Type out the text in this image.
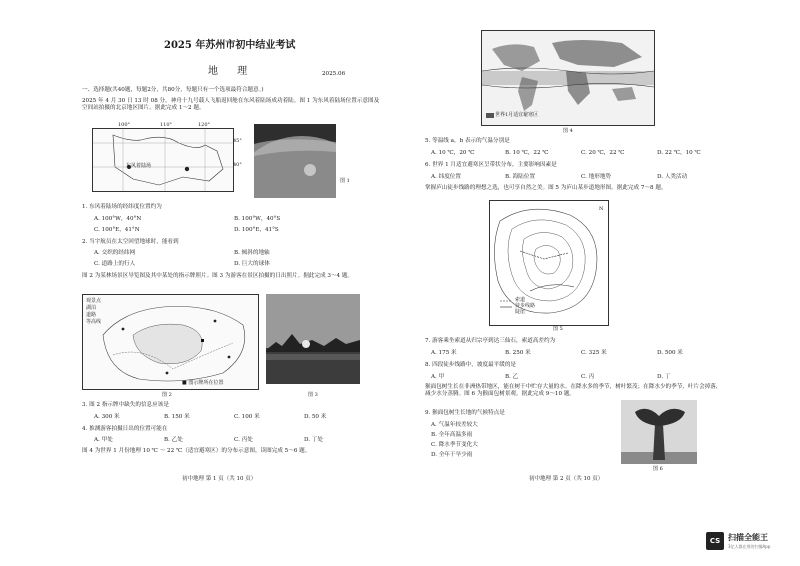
2025 年苏州市初中结业考试
地 理	2025.06
一、选择题(共40题，每题2分，共80分，每题只有一个选项最符合题意。)
2025 年 4 月 30 日 13 时 08 分，神舟十九号载人飞船返回舱在东风着陆场成功着陆。图 1 为东风着陆场位置示意图及空间站拍摄的北京地区图片。据此完成 1～2 题。
100°	110°	120°
45°
40°
东风着陆场
图 1
1. 东风着陆场的经纬度位置约为
A. 100°W，40°N	B. 100°W，40°S
C. 100°E，41°N	D. 100°E，41°S
2. 当宇航员在太空回望地球时，能看到
A. 交织的经纬网	B. 倾斜的地轴
C. 道路上的行人	D. 巨大的球体
图 2 为某林场景区导览图及其中某处的指示牌照片。图 3 为游客在景区拍摄的日出照片。据此完成 3～4 题。
观景点
湖泊
道路
等高线
■ 图示牌所在位置
图 2	图 3
3. 图 2 指示牌中缺失的信息应该是
A. 300 米	B. 150 米	C. 100 米	D. 50 米
4. 推测游客拍摄日出的位置可能在
A. 甲处	B. 乙处	C. 丙处	D. 丁处
图 4 为世界 1 月份地理 10 ℃ ～ 22 ℃（适宜避寒区）的分布示意图。读图完成 5～6 题。
初中地理 第 1 页（共 10 页）
世界1月适宜避寒区
图 4
5. 等温线 a，b 表示的气温分别是
A. 10 ℃，20 ℃	B. 10 ℃，22 ℃	C. 20 ℃，22 ℃	D. 22 ℃，10 ℃
6. 世界 1 月适宜避寒区呈带状分布，主要影响因素是
A. 纬度位置	B. 海陆位置	C. 地形地势	D. 人类活动
掌握庐山徒步线路的理想之选，也可享自然之美。图 5 为庐山某步道地形图。据此完成 7～8 题。
N
索道
徒步线路
陡崖
图 5
7. 游客乘坐索道从归宗亭到达三仙石，索道高差约为
A. 175 米	B. 250 米	C. 325 米	D. 500 米
8. 四段徒步线路中，坡度最平缓的是
A. 甲	B. 乙	C. 丙	D. 丁
猴面包树生长在非洲热带地区，能在树干中贮存大量的水。在降水多的季节，树叶繁茂；在降水少的季节，叶片会掉落，减少水分蒸腾。图 6 为猴面包树景观。据此完成 9～10 题。
9. 猴面包树生长地的气候特点是
A. 气温年较差较大
B. 全年高温多雨
C. 降水季节变化大
D. 全年干旱少雨
图 6
初中地理 第 2 页（共 10 页）
CS 扫描全能王
3亿人都在用的扫描App
